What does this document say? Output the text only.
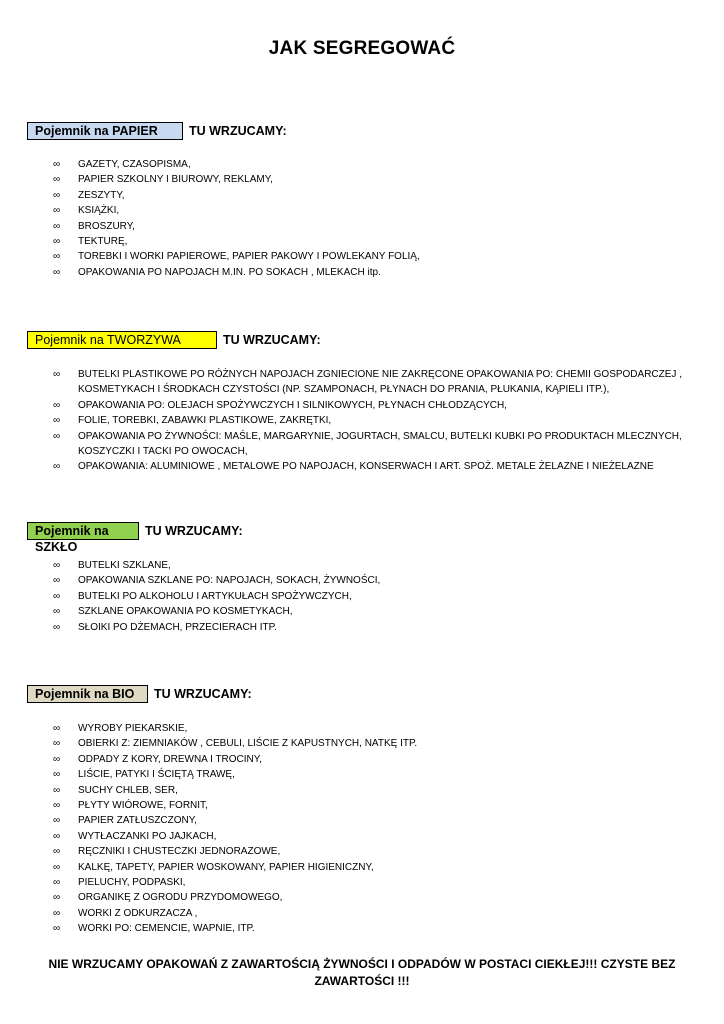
JAK SEGREGOWAĆ
Pojemnik na PAPIER	TU WRZUCAMY:
∞ GAZETY, CZASOPISMA,
∞ PAPIER SZKOLNY I BIUROWY, REKLAMY,
∞ ZESZYTY,
∞ KSIĄŻKI,
∞ BROSZURY,
∞ TEKTURĘ,
∞ TOREBKI I WORKI PAPIEROWE, PAPIER PAKOWY I POWLEKANY FOLIĄ,
∞ OPAKOWANIA PO NAPOJACH M.IN. PO SOKACH , MLEKACH itp.
Pojemnik na TWORZYWA	TU WRZUCAMY:
∞ BUTELKI PLASTIKOWE PO RÓŻNYCH NAPOJACH ZGNIECIONE NIE ZAKRĘCONE OPAKOWANIA PO: CHEMII GOSPODARCZEJ , KOSMETYKACH I ŚRODKACH CZYSTOŚCI (NP. SZAMPONACH, PŁYNACH DO PRANIA, PŁUKANIA, KĄPIELI ITP.),
∞ OPAKOWANIA PO: OLEJACH SPOŻYWCZYCH I SILNIKOWYCH, PŁYNACH CHŁODZĄCYCH,
∞ FOLIE, TOREBKI, ZABAWKI PLASTIKOWE, ZAKRĘTKI,
∞ OPAKOWANIA PO ŻYWNOŚCI: MAŚLE, MARGARYNIE, JOGURTACH, SMALCU, BUTELKI KUBKI PO PRODUKTACH MLECZNYCH, KOSZYCZKI I TACKI PO OWOCACH,
∞ OPAKOWANIA: ALUMINIOWE , METALOWE PO NAPOJACH, KONSERWACH I ART. SPOŻ. METALE ŻELAZNE I NIEŻELAZNE
Pojemnik na SZKŁO
TU WRZUCAMY:
∞ BUTELKI SZKLANE,
∞ OPAKOWANIA SZKLANE PO: NAPOJACH, SOKACH, ŻYWNOŚCI,
∞ BUTELKI PO ALKOHOLU I ARTYKUŁACH SPOŻYWCZYCH,
∞ SZKLANE OPAKOWANIA PO KOSMETYKACH,
∞ SŁOIKI PO DŻEMACH, PRZECIERACH ITP.
Pojemnik na BIO	TU WRZUCAMY:
∞ WYROBY PIEKARSKIE,
∞ OBIERKI Z: ZIEMNIAKÓW , CEBULI, LIŚCIE Z KAPUSTNYCH, NATKĘ ITP.
∞ ODPADY Z KORY, DREWNA I TROCINY,
∞ LIŚCIE, PATYKI I ŚCIĘTĄ TRAWĘ,
∞ SUCHY CHLEB, SER,
∞ PŁYTY WIÓROWE, FORNIT,
∞ PAPIER ZATŁUSZCZONY,
∞ WYTŁACZANKI PO JAJKACH,
∞ RĘCZNIKI I CHUSTECZKI JEDNORAZOWE,
∞ KALKĘ, TAPETY, PAPIER WOSKOWANY, PAPIER HIGIENICZNY,
∞ PIELUCHY, PODPASKI,
∞ ORGANIKĘ Z OGRODU PRZYDOMOWEGO,
∞ WORKI Z ODKURZACZA ,
∞ WORKI PO: CEMENCIE, WAPNIE, ITP.
NIE WRZUCAMY OPAKOWAŃ Z ZAWARTOŚCIĄ ŻYWNOŚCI I ODPADÓW W POSTACI CIEKŁEJ!!! CZYSTE BEZ ZAWARTOŚCI !!!
